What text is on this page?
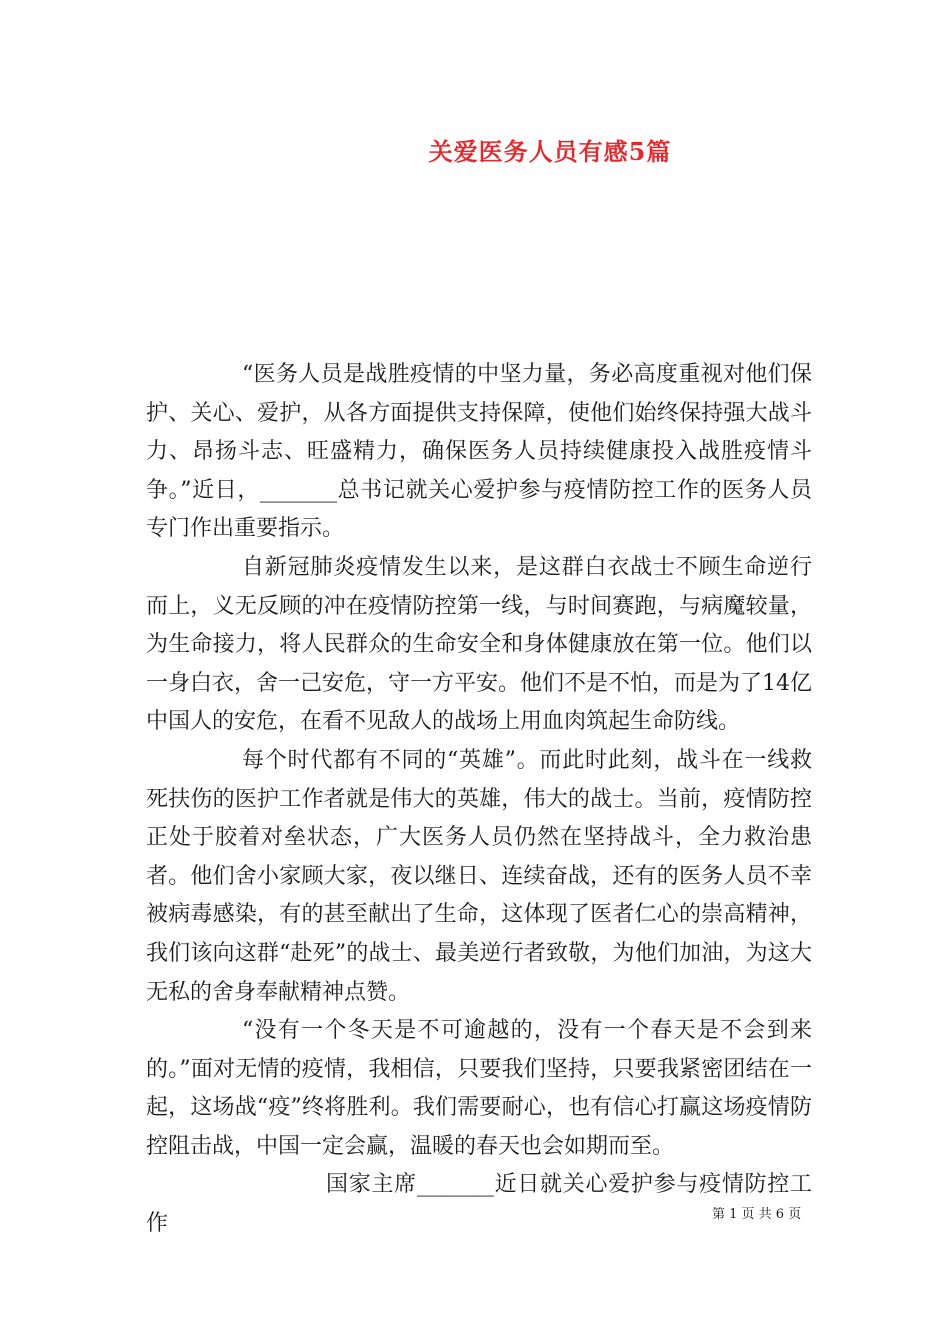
关爱医务人员有感5篇

“医务人员是战胜疫情的中坚力量，务必高度重视对他们保护、关心、爱护，从各方面提供支持保障，使他们始终保持强大战斗力、昂扬斗志、旺盛精力，确保医务人员持续健康投入战胜疫情斗争。”近日，_______总书记就关心爱护参与疫情防控工作的医务人员专门作出重要指示。

自新冠肺炎疫情发生以来，是这群白衣战士不顾生命逆行而上，义无反顾的冲在疫情防控第一线，与时间赛跑，与病魔较量，为生命接力，将人民群众的生命安全和身体健康放在第一位。他们以一身白衣，舍一己安危，守一方平安。他们不是不怕，而是为了14亿中国人的安危，在看不见敌人的战场上用血肉筑起生命防线。

每个时代都有不同的“英雄”。而此时此刻，战斗在一线救死扶伤的医护工作者就是伟大的英雄，伟大的战士。当前，疫情防控正处于胶着对垒状态，广大医务人员仍然在坚持战斗，全力救治患者。他们舍小家顾大家，夜以继日、连续奋战，还有的医务人员不幸被病毒感染，有的甚至献出了生命，这体现了医者仁心的崇高精神，我们该向这群“赴死”的战士、最美逆行者致敬，为他们加油，为这大无私的舍身奉献精神点赞。

“没有一个冬天是不可逾越的，没有一个春天是不会到来的。”面对无情的疫情，我相信，只要我们坚持，只要我紧密团结在一起，这场战“疫”终将胜利。我们需要耐心，也有信心打赢这场疫情防控阻击战，中国一定会赢，温暖的春天也会如期而至。

国家主席_______近日就关心爱护参与疫情防控工作	第 1 页 共 6 页
